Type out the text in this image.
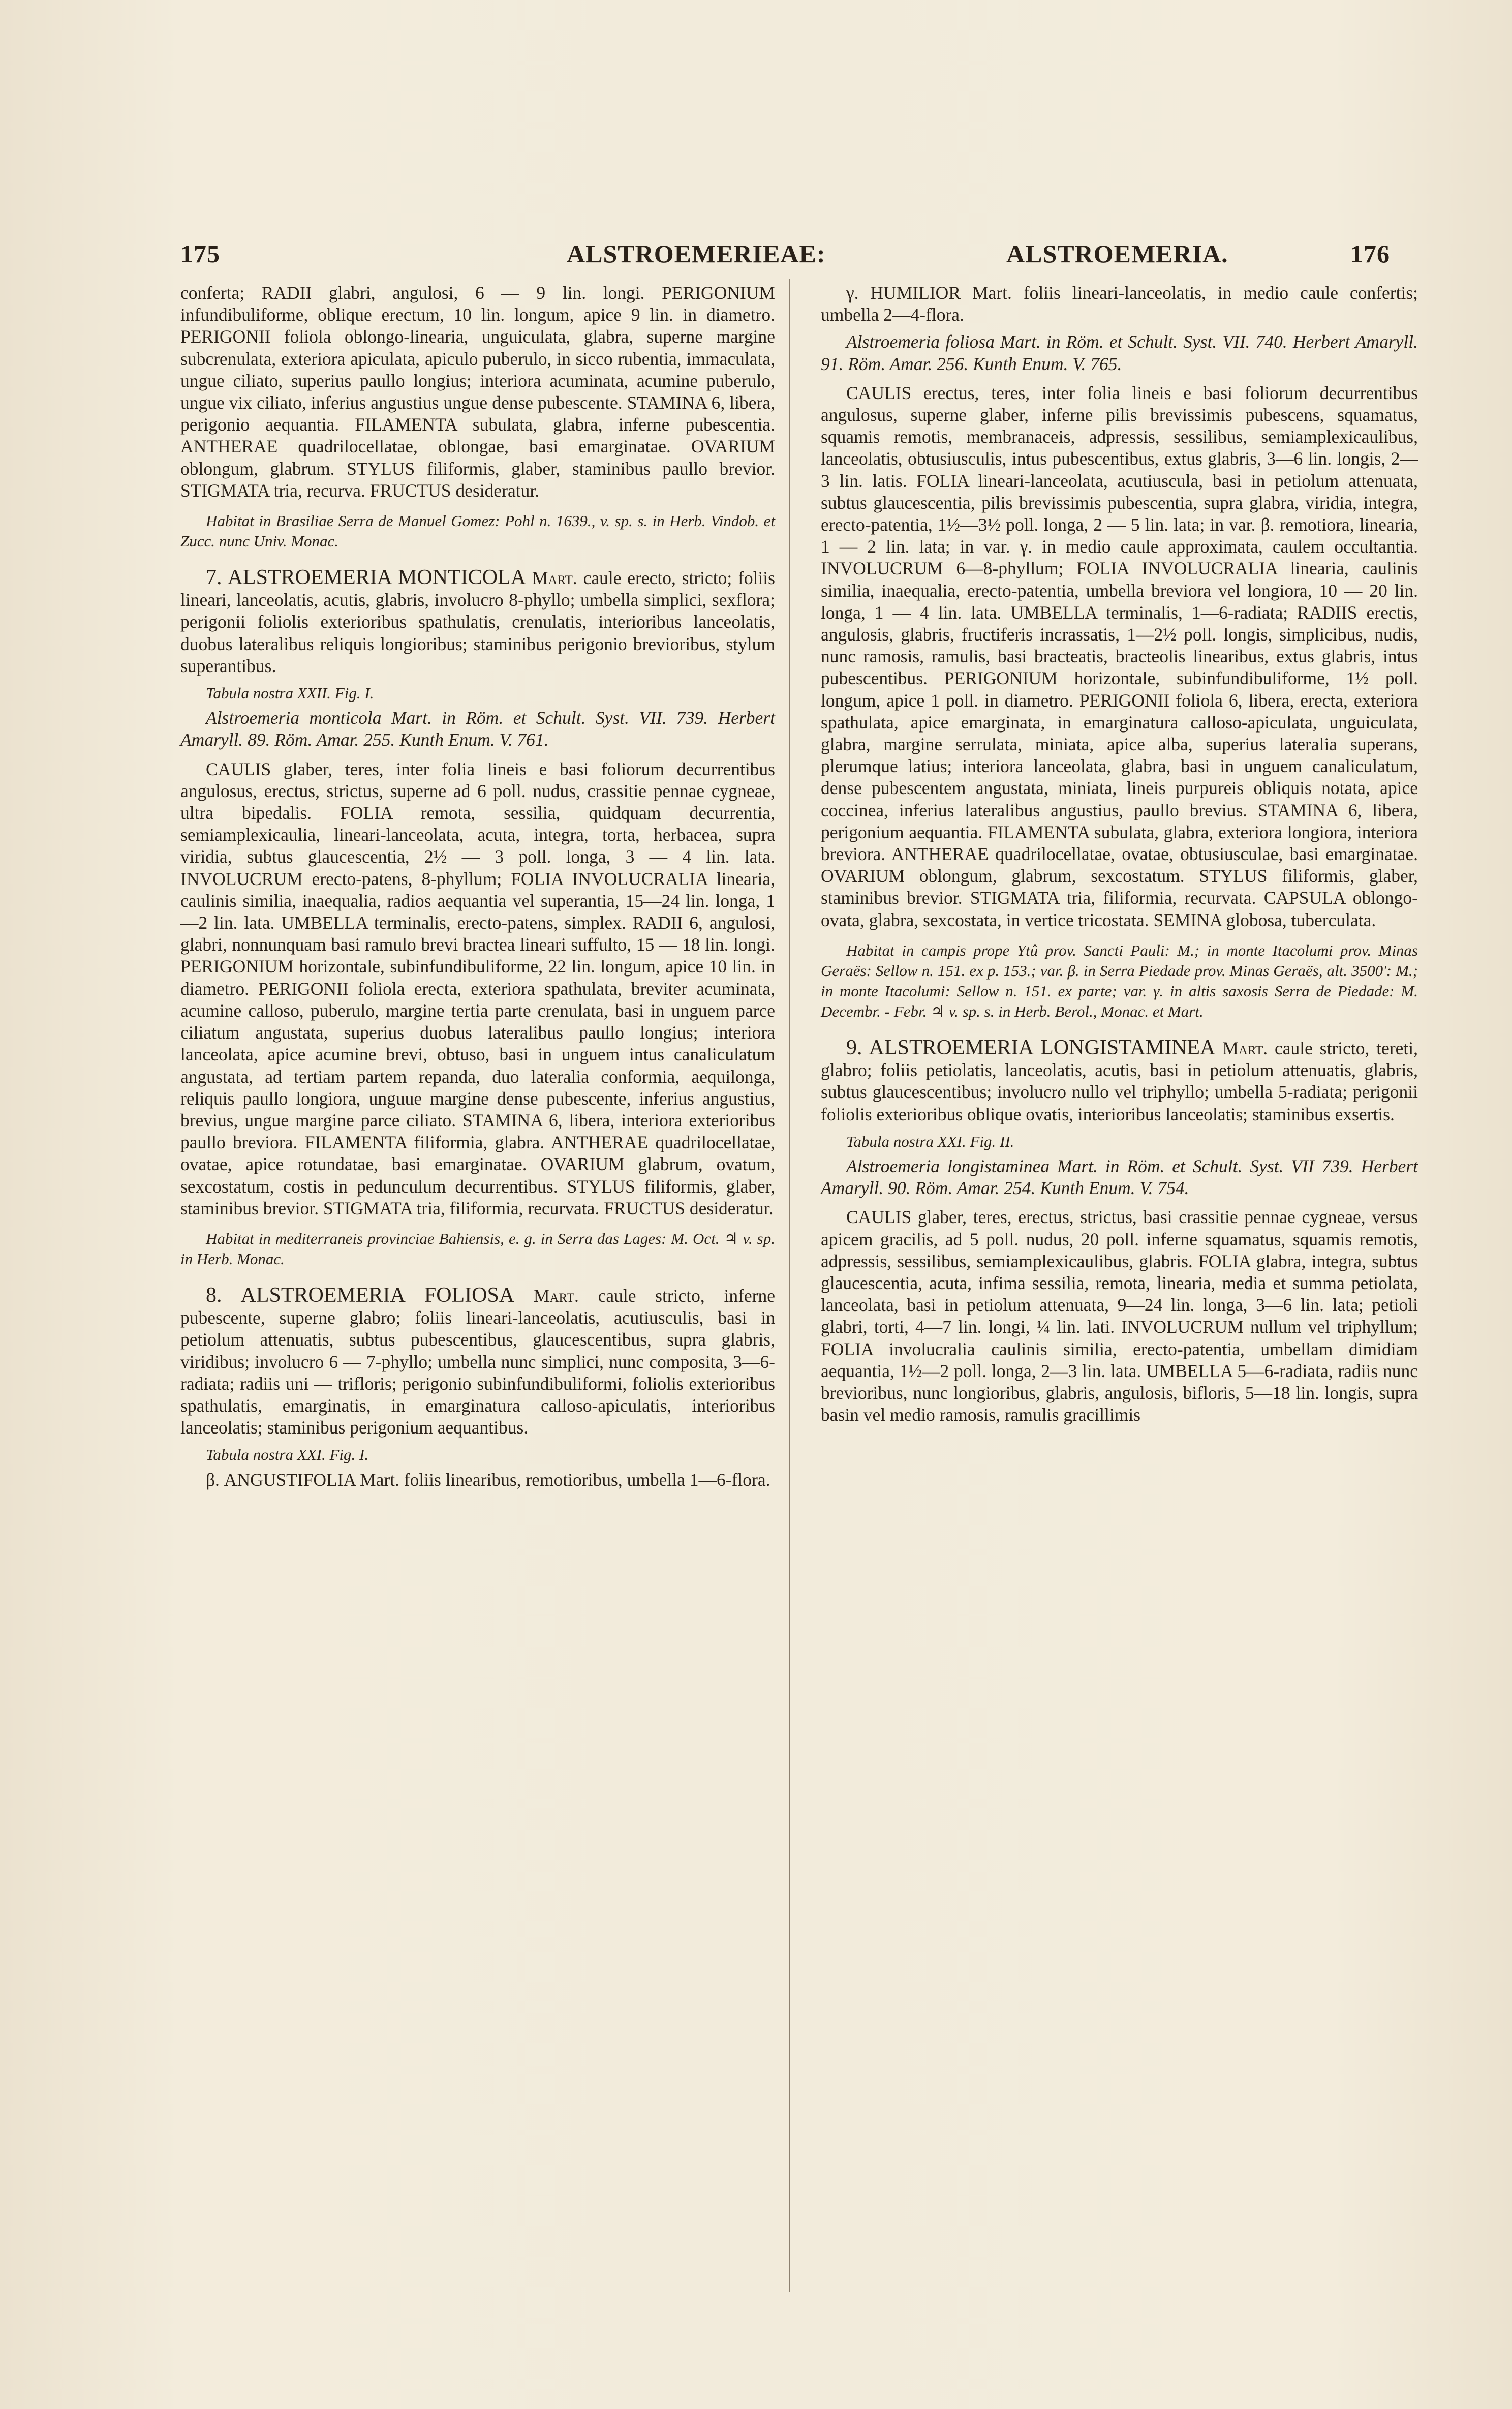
175	ALSTROEMERIEAE:	ALSTROEMERIA.	176

conferta; RADII glabri, angulosi, 6 — 9 lin. longi. PERIGONIUM infundibuliforme, oblique erectum, 10 lin. longum, apice 9 lin. in diametro. PERIGONII foliola oblongo-linearia, unguiculata, glabra, superne margine subcrenulata, exteriora apiculata, apiculo puberulo, in sicco rubentia, immaculata, ungue ciliato, superius paullo longius; interiora acuminata, acumine puberulo, ungue vix ciliato, inferius angustius ungue dense pubescente. STAMINA 6, libera, perigonio aequantia. FILAMENTA subulata, glabra, inferne pubescentia. ANTHERAE quadrilocellatae, oblongae, basi emarginatae. OVARIUM oblongum, glabrum. STYLUS filiformis, glaber, staminibus paullo brevior. STIGMATA tria, recurva. FRUCTUS desideratur.

Habitat in Brasiliae Serra de Manuel Gomez: Pohl n. 1639., v. sp. s. in Herb. Vindob. et Zucc. nunc Univ. Monac.

7. ALSTROEMERIA MONTICOLA Mart. caule erecto, stricto; foliis lineari, lanceolatis, acutis, glabris, involucro 8-phyllo; umbella simplici, sexflora; perigonii foliolis exterioribus spathulatis, crenulatis, interioribus lanceolatis, duobus lateralibus reliquis longioribus; staminibus perigonio brevioribus, stylum superantibus.

Tabula nostra XXII. Fig. I.

Alstroemeria monticola Mart. in Röm. et Schult. Syst. VII. 739. Herbert Amaryll. 89. Röm. Amar. 255. Kunth Enum. V. 761.

CAULIS glaber, teres, inter folia lineis e basi foliorum decurrentibus angulosus, erectus, strictus, superne ad 6 poll. nudus, crassitie pennae cygneae, ultra bipedalis. FOLIA remota, sessilia, quidquam decurrentia, semiamplexicaulia, lineari-lanceolata, acuta, integra, torta, herbacea, supra viridia, subtus glaucescentia, 2½ — 3 poll. longa, 3 — 4 lin. lata. INVOLUCRUM erecto-patens, 8-phyllum; FOLIA INVOLUCRALIA linearia, caulinis similia, inaequalia, radios aequantia vel superantia, 15—24 lin. longa, 1—2 lin. lata. UMBELLA terminalis, erecto-patens, simplex. RADII 6, angulosi, glabri, nonnunquam basi ramulo brevi bractea lineari suffulto, 15 — 18 lin. longi. PERIGONIUM horizontale, subinfundibuliforme, 22 lin. longum, apice 10 lin. in diametro. PERIGONII foliola erecta, exteriora spathulata, breviter acuminata, acumine calloso, puberulo, margine tertia parte crenulata, basi in unguem parce ciliatum angustata, superius duobus lateralibus paullo longius; interiora lanceolata, apice acumine brevi, obtuso, basi in unguem intus canaliculatum angustata, ad tertiam partem repanda, duo lateralia conformia, aequilonga, reliquis paullo longiora, unguue margine dense pubescente, inferius angustius, brevius, ungue margine parce ciliato. STAMINA 6, libera, interiora exterioribus paullo breviora. FILAMENTA filiformia, glabra. ANTHERAE quadrilocellatae, ovatae, apice rotundatae, basi emarginatae. OVARIUM glabrum, ovatum, sexcostatum, costis in pedunculum decurrentibus. STYLUS filiformis, glaber, staminibus brevior. STIGMATA tria, filiformia, recurvata. FRUCTUS desideratur.

Habitat in mediterraneis provinciae Bahiensis, e. g. in Serra das Lages: M. Oct. ♃ v. sp. in Herb. Monac.

8. ALSTROEMERIA FOLIOSA Mart. caule stricto, inferne pubescente, superne glabro; foliis lineari-lanceolatis, acutiusculis, basi in petiolum attenuatis, subtus pubescentibus, glaucescentibus, supra glabris, viridibus; involucro 6 — 7-phyllo; umbella nunc simplici, nunc composita, 3—6-radiata; radiis uni — trifloris; perigonio subinfundibuliformi, foliolis exterioribus spathulatis, emarginatis, in emarginatura calloso-apiculatis, interioribus lanceolatis; staminibus perigonium aequantibus.

Tabula nostra XXI. Fig. I.

β. ANGUSTIFOLIA Mart. foliis linearibus, remotioribus, umbella 1—6-flora.

γ. HUMILIOR Mart. foliis lineari-lanceolatis, in medio caule confertis; umbella 2—4-flora.

Alstroemeria foliosa Mart. in Röm. et Schult. Syst. VII. 740. Herbert Amaryll. 91. Röm. Amar. 256. Kunth Enum. V. 765.

CAULIS erectus, teres, inter folia lineis e basi foliorum decurrentibus angulosus, superne glaber, inferne pilis brevissimis pubescens, squamatus, squamis remotis, membranaceis, adpressis, sessilibus, semiamplexicaulibus, lanceolatis, obtusiusculis, intus pubescentibus, extus glabris, 3—6 lin. longis, 2—3 lin. latis. FOLIA lineari-lanceolata, acutiuscula, basi in petiolum attenuata, subtus glaucescentia, pilis brevissimis pubescentia, supra glabra, viridia, integra, erecto-patentia, 1½—3½ poll. longa, 2 — 5 lin. lata; in var. β. remotiora, linearia, 1 — 2 lin. lata; in var. γ. in medio caule approximata, caulem occultantia. INVOLUCRUM 6—8-phyllum; FOLIA INVOLUCRALIA linearia, caulinis similia, inaequalia, erecto-patentia, umbella breviora vel longiora, 10 — 20 lin. longa, 1 — 4 lin. lata. UMBELLA terminalis, 1—6-radiata; RADIIS erectis, angulosis, glabris, fructiferis incrassatis, 1—2½ poll. longis, simplicibus, nudis, nunc ramosis, ramulis, basi bracteatis, bracteolis linearibus, extus glabris, intus pubescentibus. PERIGONIUM horizontale, subinfundibuliforme, 1½ poll. longum, apice 1 poll. in diametro. PERIGONII foliola 6, libera, erecta, exteriora spathulata, apice emarginata, in emarginatura calloso-apiculata, unguiculata, glabra, margine serrulata, miniata, apice alba, superius lateralia superans, plerumque latius; interiora lanceolata, glabra, basi in unguem canaliculatum, dense pubescentem angustata, miniata, lineis purpureis obliquis notata, apice coccinea, inferius lateralibus angustius, paullo brevius. STAMINA 6, libera, perigonium aequantia. FILAMENTA subulata, glabra, exteriora longiora, interiora breviora. ANTHERAE quadrilocellatae, ovatae, obtusiusculae, basi emarginatae. OVARIUM oblongum, glabrum, sexcostatum. STYLUS filiformis, glaber, staminibus brevior. STIGMATA tria, filiformia, recurvata. CAPSULA oblongo-ovata, glabra, sexcostata, in vertice tricostata. SEMINA globosa, tuberculata.

Habitat in campis prope Ytû prov. Sancti Pauli: M.; in monte Itacolumi prov. Minas Geraës: Sellow n. 151. ex p. 153.; var. β. in Serra Piedade prov. Minas Geraës, alt. 3500': M.; in monte Itacolumi: Sellow n. 151. ex parte; var. γ. in altis saxosis Serra de Piedade: M. Decembr. - Febr. ♃ v. sp. s. in Herb. Berol., Monac. et Mart.

9. ALSTROEMERIA LONGISTAMINEA Mart. caule stricto, tereti, glabro; foliis petiolatis, lanceolatis, acutis, basi in petiolum attenuatis, glabris, subtus glaucescentibus; involucro nullo vel triphyllo; umbella 5-radiata; perigonii foliolis exterioribus oblique ovatis, interioribus lanceolatis; staminibus exsertis.

Tabula nostra XXI. Fig. II.

Alstroemeria longistaminea Mart. in Röm. et Schult. Syst. VII 739. Herbert Amaryll. 90. Röm. Amar. 254. Kunth Enum. V. 754.

CAULIS glaber, teres, erectus, strictus, basi crassitie pennae cygneae, versus apicem gracilis, ad 5 poll. nudus, 20 poll. inferne squamatus, squamis remotis, adpressis, sessilibus, semiamplexicaulibus, glabris. FOLIA glabra, integra, subtus glaucescentia, acuta, infima sessilia, remota, linearia, media et summa petiolata, lanceolata, basi in petiolum attenuata, 9—24 lin. longa, 3—6 lin. lata; petioli glabri, torti, 4—7 lin. longi, ¼ lin. lati. INVOLUCRUM nullum vel triphyllum; FOLIA involucralia caulinis similia, erecto-patentia, umbellam dimidiam aequantia, 1½—2 poll. longa, 2—3 lin. lata. UMBELLA 5—6-radiata, radiis nunc brevioribus, nunc longioribus, glabris, angulosis, bifloris, 5—18 lin. longis, supra basin vel medio ramosis, ramulis gracillimis
